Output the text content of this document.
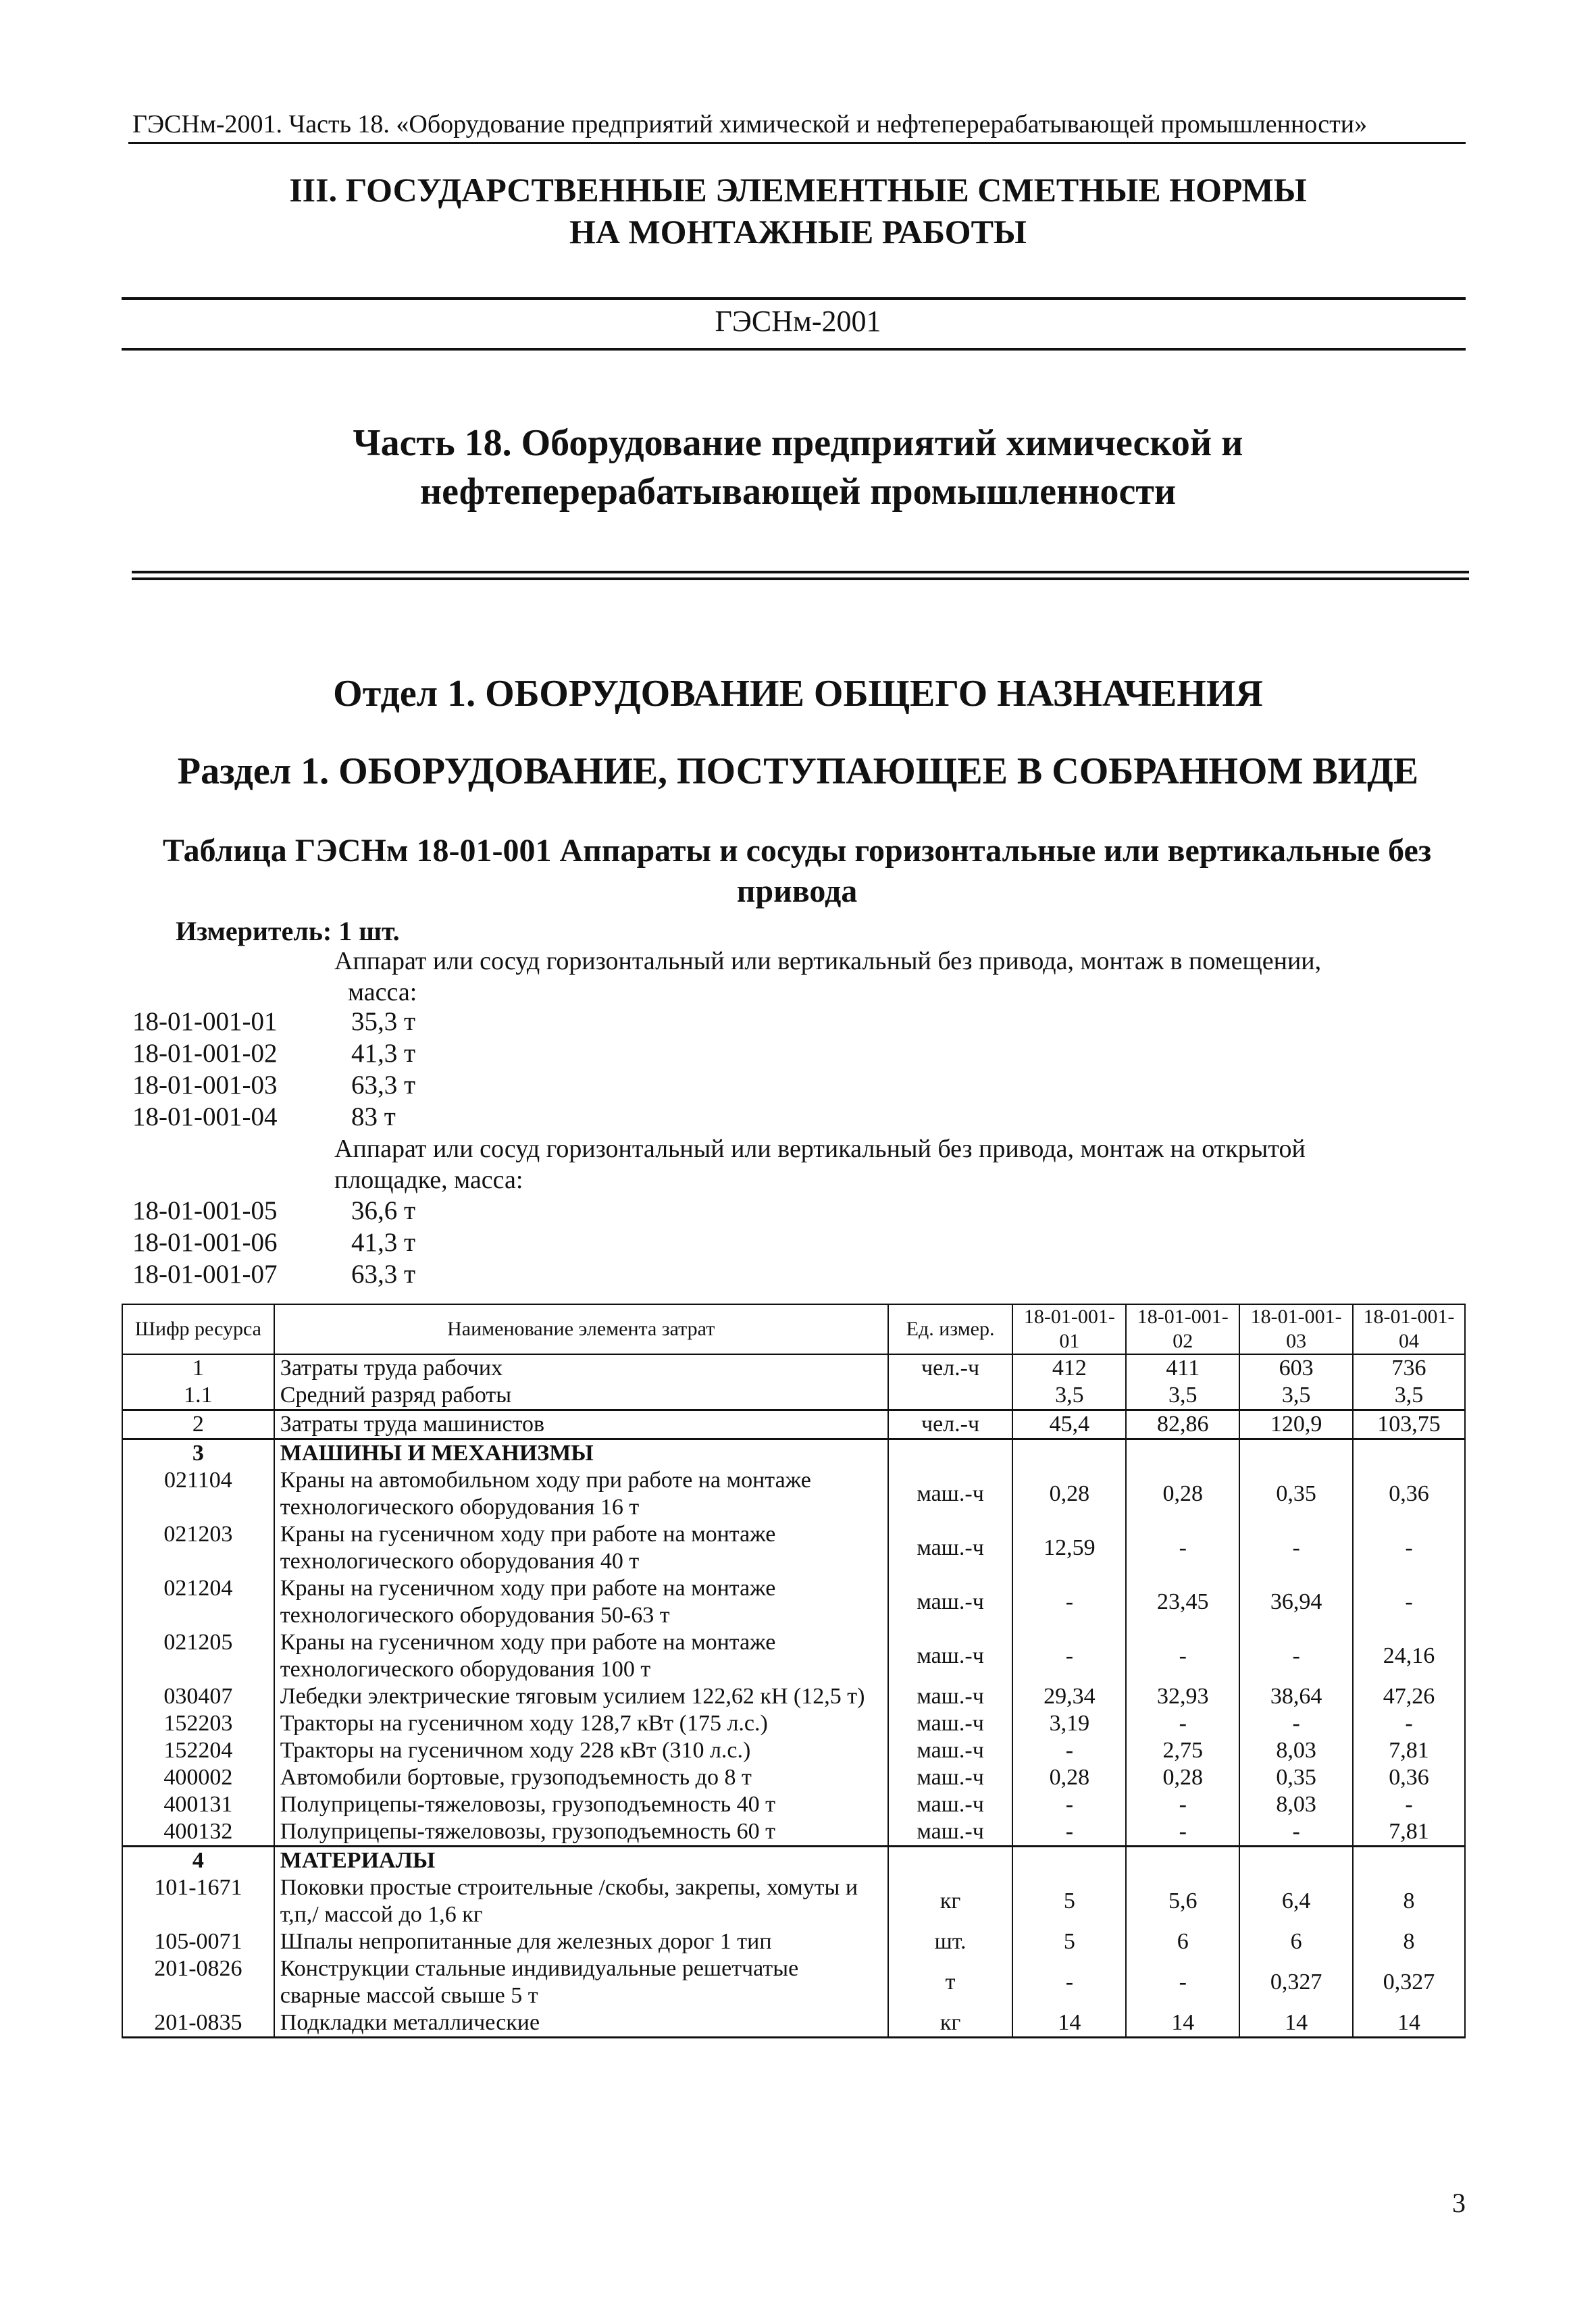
ГЭСНм-2001. Часть 18. «Оборудование предприятий химической и нефтеперерабатывающей промышленности»
III. ГОСУДАРСТВЕННЫЕ ЭЛЕМЕНТНЫЕ СМЕТНЫЕ НОРМЫ
НА МОНТАЖНЫЕ РАБОТЫ
ГЭСНм-2001
Часть 18. Оборудование предприятий химической и
нефтеперерабатывающей промышленности
Отдел 1. ОБОРУДОВАНИЕ ОБЩЕГО НАЗНАЧЕНИЯ
Раздел 1. ОБОРУДОВАНИЕ, ПОСТУПАЮЩЕЕ В СОБРАННОМ ВИДЕ
Таблица ГЭСНм 18-01-001 Аппараты и сосуды горизонтальные или вертикальные без
привода
Измеритель: 1 шт.
Аппарат или сосуд горизонтальный или вертикальный без привода, монтаж в помещении,
масса:
18-01-001-01	35,3 т
18-01-001-02	41,3 т
18-01-001-03	63,3 т
18-01-001-04	83 т
Аппарат или сосуд горизонтальный или вертикальный без привода, монтаж на открытой
площадке, масса:
18-01-001-05	36,6 т
18-01-001-06	41,3 т
18-01-001-07	63,3 т
Шифр ресурса	Наименование элемента затрат	Ед. измер.	18-01-001-01	18-01-001-02	18-01-001-03	18-01-001-04
1	Затраты труда рабочих	чел.-ч	412	411	603	736
1.1	Средний разряд работы		3,5	3,5	3,5	3,5
2	Затраты труда машинистов	чел.-ч	45,4	82,86	120,9	103,75
3	МАШИНЫ И МЕХАНИЗМЫ					
021104	Краны на автомобильном ходу при работе на монтаже технологического оборудования 16 т	маш.-ч	0,28	0,28	0,35	0,36
021203	Краны на гусеничном ходу при работе на монтаже технологического оборудования 40 т	маш.-ч	12,59	-	-	-
021204	Краны на гусеничном ходу при работе на монтаже технологического оборудования 50-63 т	маш.-ч	-	23,45	36,94	-
021205	Краны на гусеничном ходу при работе на монтаже технологического оборудования 100 т	маш.-ч	-	-	-	24,16
030407	Лебедки электрические тяговым усилием 122,62 кН (12,5 т)	маш.-ч	29,34	32,93	38,64	47,26
152203	Тракторы на гусеничном ходу 128,7 кВт (175 л.с.)	маш.-ч	3,19	-	-	-
152204	Тракторы на гусеничном ходу 228 кВт (310 л.с.)	маш.-ч	-	2,75	8,03	7,81
400002	Автомобили бортовые, грузоподъемность до 8 т	маш.-ч	0,28	0,28	0,35	0,36
400131	Полуприцепы-тяжеловозы, грузоподъемность 40 т	маш.-ч	-	-	8,03	-
400132	Полуприцепы-тяжеловозы, грузоподъемность 60 т	маш.-ч	-	-	-	7,81
4	МАТЕРИАЛЫ					
101-1671	Поковки простые строительные /скобы, закрепы, хомуты и т,п,/ массой до 1,6 кг	кг	5	5,6	6,4	8
105-0071	Шпалы непропитанные для железных дорог 1 тип	шт.	5	6	6	8
201-0826	Конструкции стальные индивидуальные решетчатые сварные массой свыше 5 т	т	-	-	0,327	0,327
201-0835	Подкладки металлические	кг	14	14	14	14
3
